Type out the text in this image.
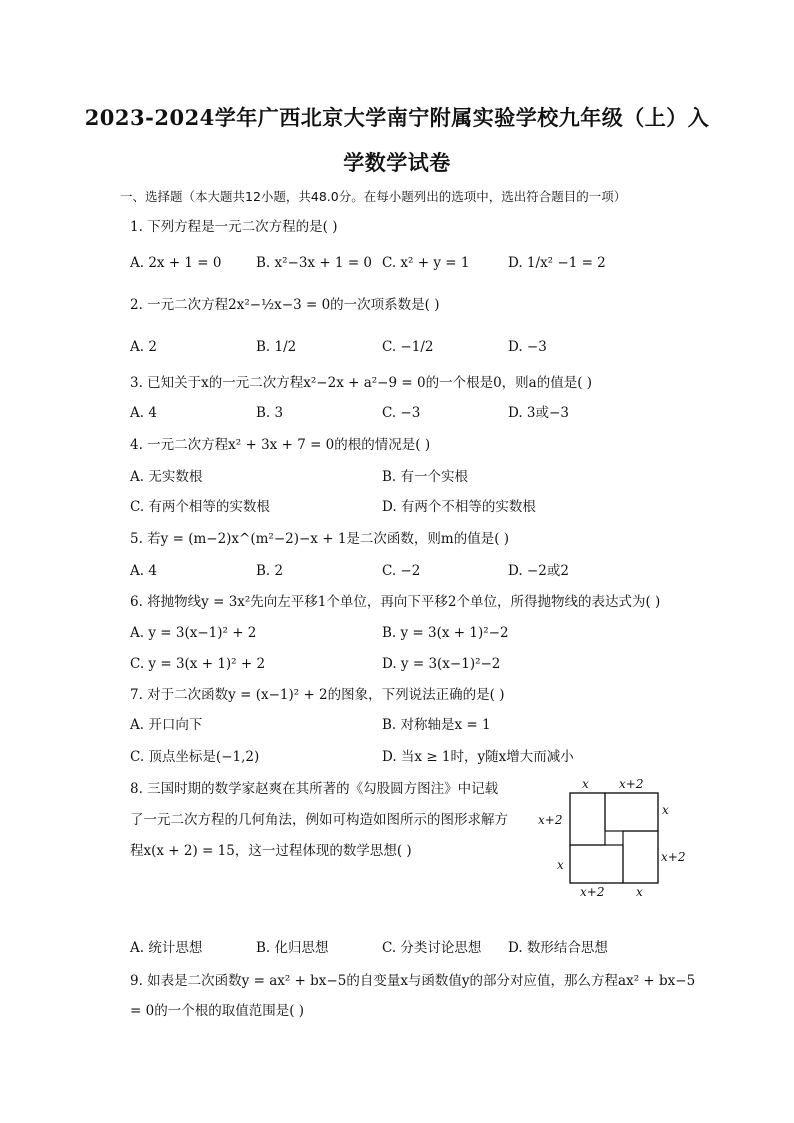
2023-2024学年广西北京大学南宁附属实验学校九年级（上）入
学数学试卷
一、选择题（本大题共12小题，共48.0分。在每小题列出的选项中，选出符合题目的一项）
1. 下列方程是一元二次方程的是( )
A. 2x + 1 = 0	B. x²−3x + 1 = 0 C. x² + y = 1	D. 1/x² −1 = 2
2. 一元二次方程2x²−½x−3 = 0的一次项系数是( )
A. 2	B. 1/2	C. −1/2	D. −3
3. 已知关于x的一元二次方程x²−2x + a²−9 = 0的一个根是0，则a的值是( )
A. 4	B. 3	C. −3	D. 3或−3
4. 一元二次方程x² + 3x + 7 = 0的根的情况是( )
A. 无实数根	B. 有一个实根
C. 有两个相等的实数根	D. 有两个不相等的实数根
5. 若y = (m−2)x^(m²−2)−x + 1是二次函数，则m的值是( )
A. 4	B. 2	C. −2	D. −2或2
6. 将抛物线y = 3x²先向左平移1个单位，再向下平移2个单位，所得抛物线的表达式为( )
A. y = 3(x−1)² + 2	B. y = 3(x + 1)²−2
C. y = 3(x + 1)² + 2	D. y = 3(x−1)²−2
7. 对于二次函数y = (x−1)² + 2的图象，下列说法正确的是( )
A. 开口向下	B. 对称轴是x = 1
C. 顶点坐标是(−1,2)	D. 当x ≥ 1时，y随x增大而减小
8. 三国时期的数学家赵爽在其所著的《勾股圆方图注》中记载
了一元二次方程的几何角法，例如可构造如图所示的图形求解方
程x(x + 2) = 15，这一过程体现的数学思想( )
x	x+2
x
x+2
x
x+2
x+2	x
A. 统计思想	B. 化归思想	C. 分类讨论思想 D. 数形结合思想
9. 如表是二次函数y = ax² + bx−5的自变量x与函数值y的部分对应值，那么方程ax² + bx−5
= 0的一个根的取值范围是( )
